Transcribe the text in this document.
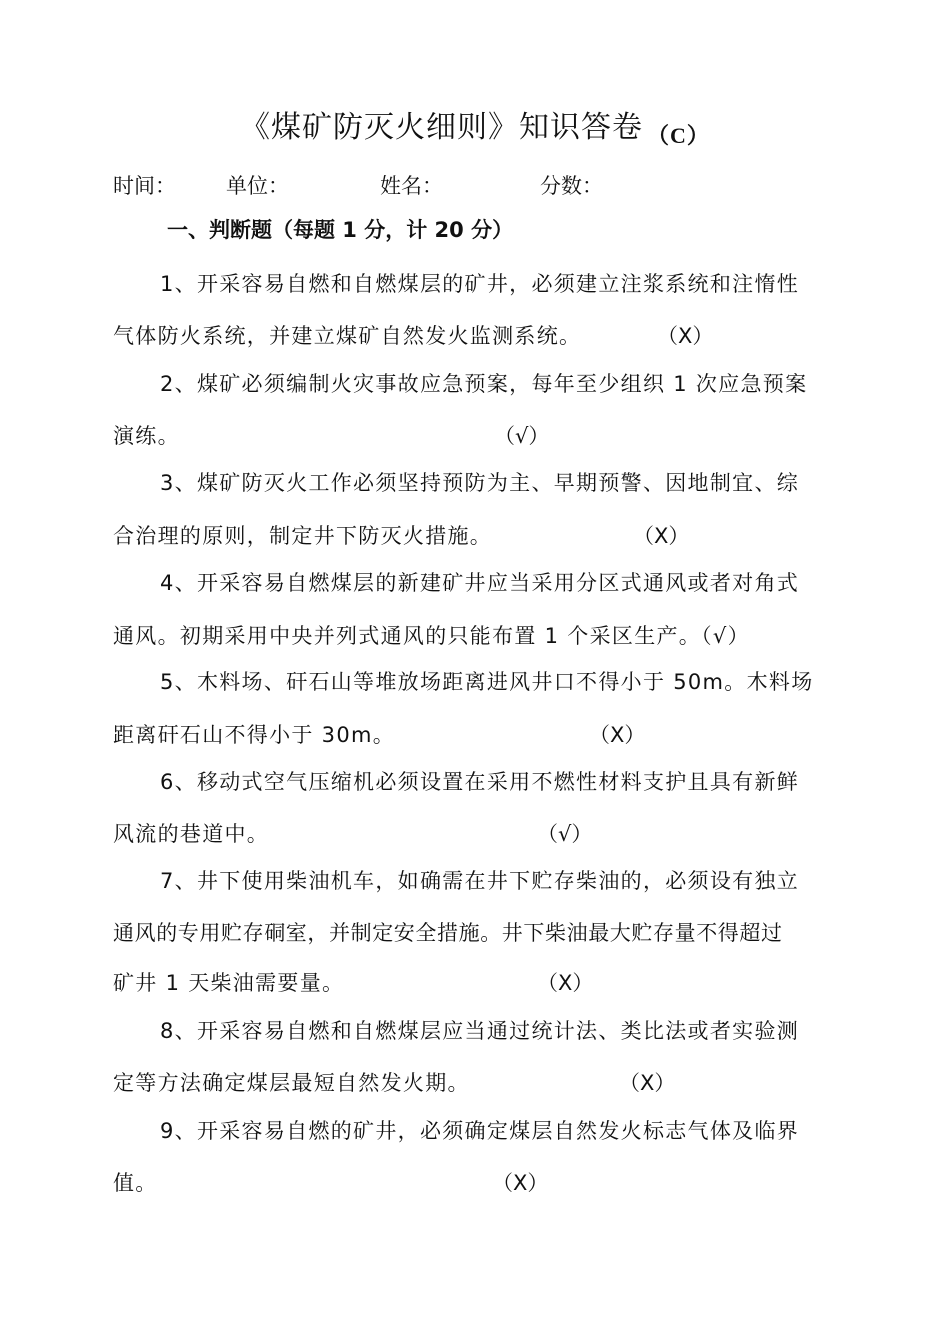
《煤矿防灭火细则》知识答卷 $_{(C)}$
时间： 单位：	姓名：	分数：
一、判断题（每题 1 分，计 20 分）
1、开采容易自燃和自燃煤层的矿井，必须建立注浆系统和注惰性
气体防火系统，并建立煤矿自然发火监测系统。	（X）
2、煤矿必须编制火灾事故应急预案，每年至少组织 1 次应急预案
演练。	（√）
3、煤矿防灭火工作必须坚持预防为主、早期预警、因地制宜、综
合治理的原则，制定井下防灭火措施。	（X）
4、开采容易自燃煤层的新建矿井应当采用分区式通风或者对角式
通风。初期采用中央并列式通风的只能布置 1 个采区生产。（√）
5、木料场、矸石山等堆放场距离进风井口不得小于 50m。木料场
距离矸石山不得小于 30m。	（X）
6、移动式空气压缩机必须设置在采用不燃性材料支护且具有新鲜
风流的巷道中。	（√）
7、井下使用柴油机车，如确需在井下贮存柴油的，必须设有独立
通风的专用贮存硐室，并制定安全措施。井下柴油最大贮存量不得超过
矿井 1 天柴油需要量。	（X）
8、开采容易自燃和自燃煤层应当通过统计法、类比法或者实验测
定等方法确定煤层最短自然发火期。	（X）
9、开采容易自燃的矿井，必须确定煤层自然发火标志气体及临界
值。	（X）
